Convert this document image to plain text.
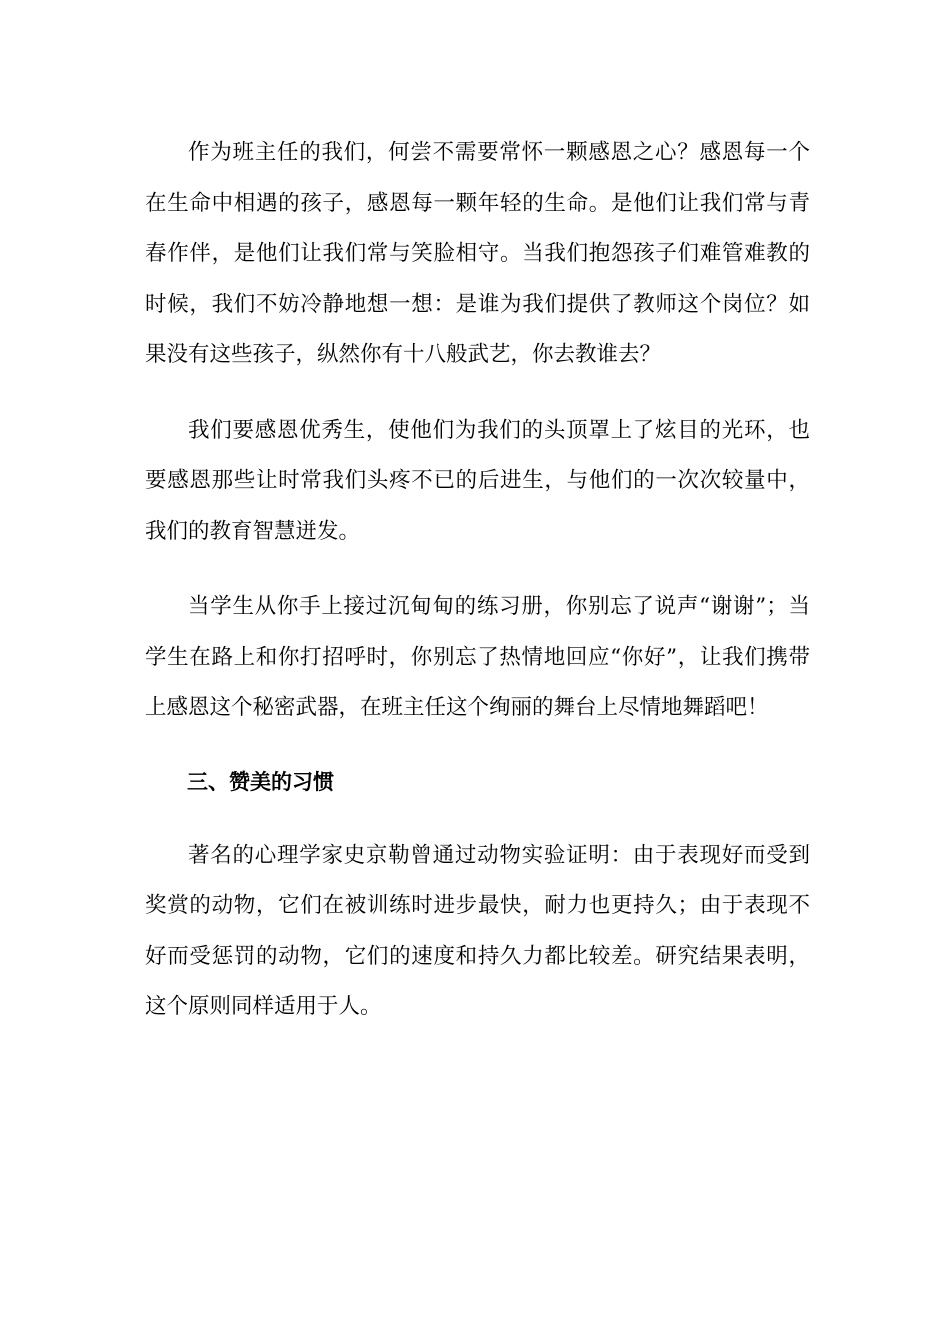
作为班主任的我们，何尝不需要常怀一颗感恩之心？感恩每一个在生命中相遇的孩子，感恩每一颗年轻的生命。是他们让我们常与青春作伴，是他们让我们常与笑脸相守。当我们抱怨孩子们难管难教的时候，我们不妨冷静地想一想：是谁为我们提供了教师这个岗位？如果没有这些孩子，纵然你有十八般武艺，你去教谁去？

我们要感恩优秀生，使他们为我们的头顶罩上了炫目的光环，也要感恩那些让时常我们头疼不已的后进生，与他们的一次次较量中，我们的教育智慧迸发。

当学生从你手上接过沉甸甸的练习册，你别忘了说声“谢谢”；当学生在路上和你打招呼时，你别忘了热情地回应“你好”，让我们携带上感恩这个秘密武器，在班主任这个绚丽的舞台上尽情地舞蹈吧！

三、赞美的习惯

著名的心理学家史京勒曾通过动物实验证明：由于表现好而受到奖赏的动物，它们在被训练时进步最快，耐力也更持久；由于表现不好而受惩罚的动物，它们的速度和持久力都比较差。研究结果表明，这个原则同样适用于人。
